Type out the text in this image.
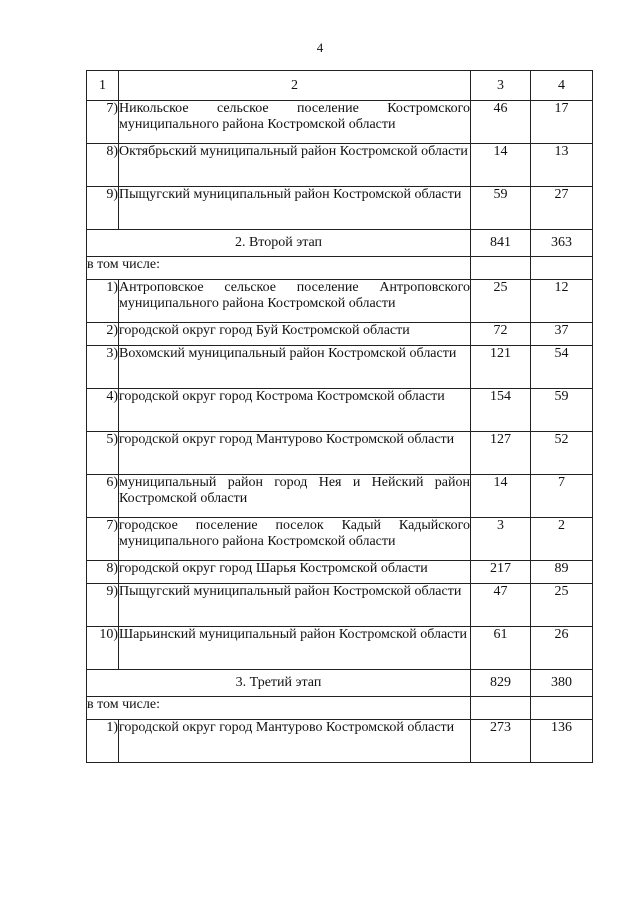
4
1	2	3	4
7)	Никольское сельское поселение Костромского муниципального района Костромской области	46	17
8)	Октябрьский муниципальный район Костромской области	14	13
9)	Пыщугский муниципальный район Костромской области	59	27
2. Второй этап		841	363
в том числе:			
1)	Антроповское сельское поселение Антроповского муниципального района Костромской области	25	12
2)	городской округ город Буй Костромской области	72	37
3)	Вохомский муниципальный район Костромской области	121	54
4)	городской округ город Кострома Костромской области	154	59
5)	городской округ город Мантурово Костромской области	127	52
6)	муниципальный район город Нея и Нейский район Костромской области	14	7
7)	городское поселение поселок Кадый Кадыйского муниципального района Костромской области	3	2
8)	городской округ город Шарья Костромской области	217	89
9)	Пыщугский муниципальный район Костромской области	47	25
10)	Шарьинский муниципальный район Костромской области	61	26
3. Третий этап		829	380
в том числе:			
1)	городской округ город Мантурово Костромской области	273	136
